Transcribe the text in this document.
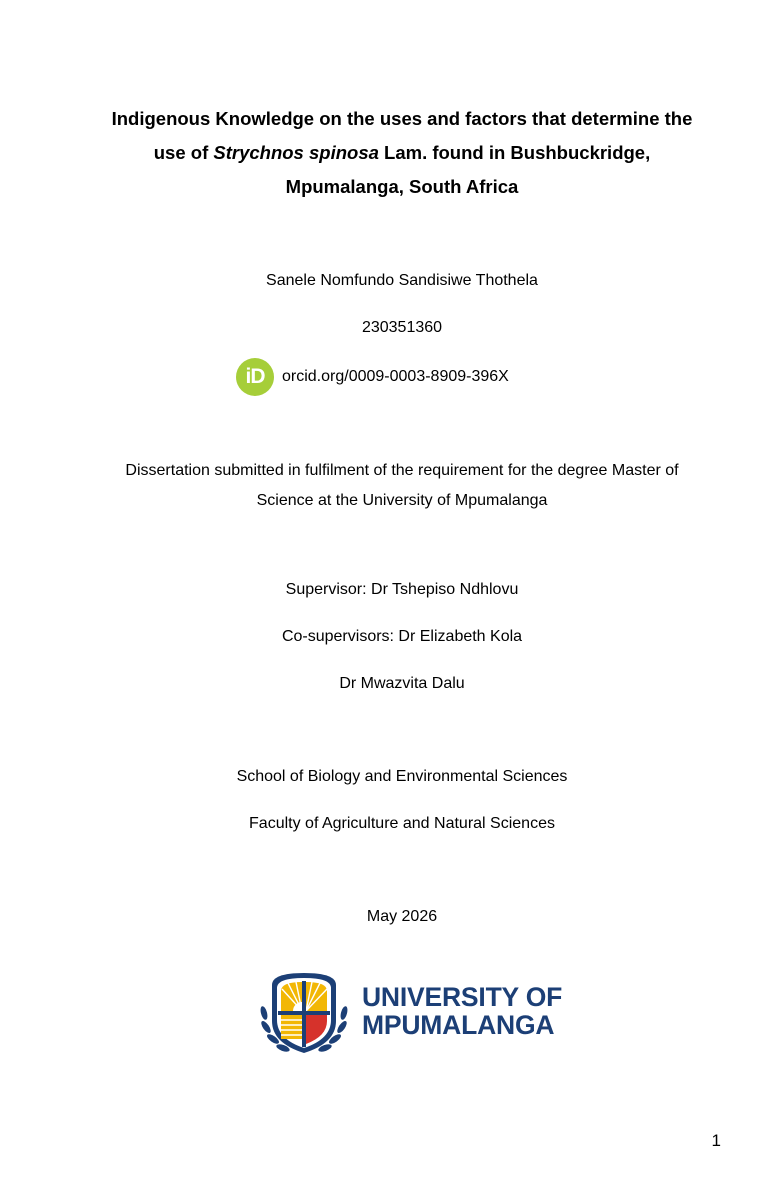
Indigenous Knowledge on the uses and factors that determine the
use of Strychnos spinosa Lam. found in Bushbuckridge,
Mpumalanga, South Africa
Sanele Nomfundo Sandisiwe Thothela
230351360
iD	orcid.org/0009-0003-8909-396X
Dissertation submitted in fulfilment of the requirement for the degree Master of
Science at the University of Mpumalanga
Supervisor: Dr Tshepiso Ndhlovu
Co-supervisors: Dr Elizabeth Kola
Dr Mwazvita Dalu
School of Biology and Environmental Sciences
Faculty of Agriculture and Natural Sciences
May 2026
UNIVERSITY OF
MPUMALANGA
1
